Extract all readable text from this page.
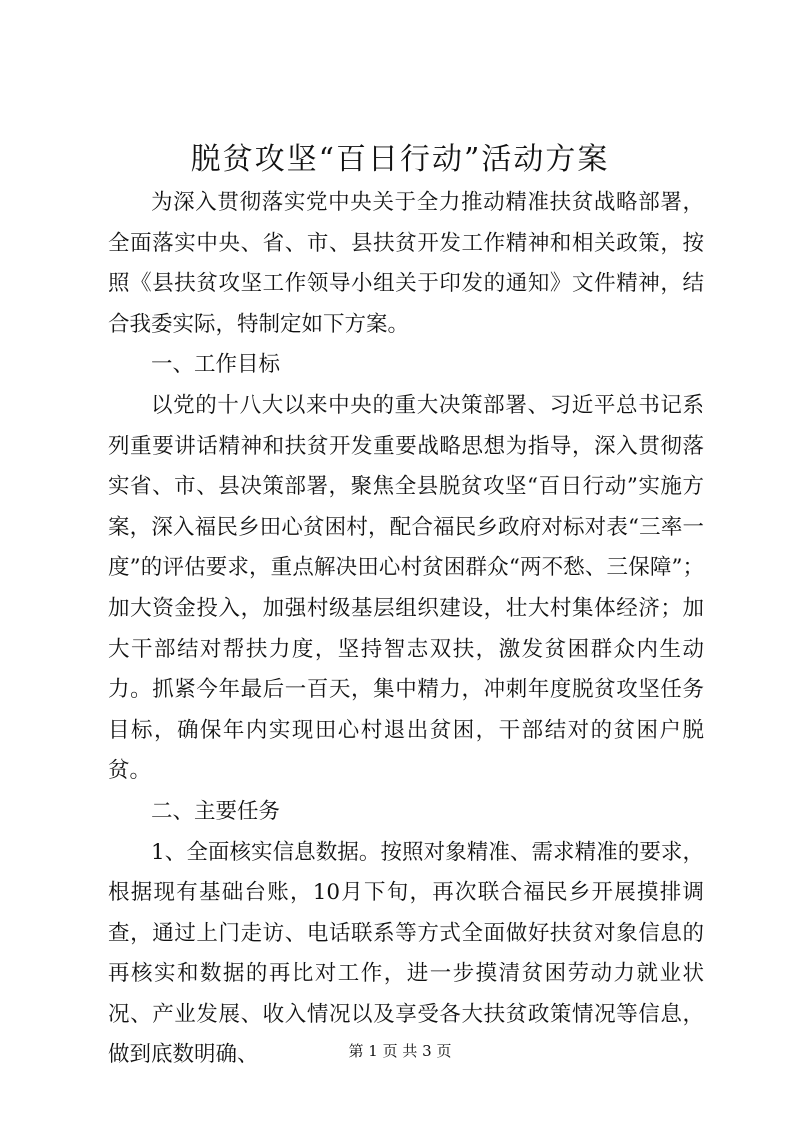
脱贫攻坚“百日行动”活动方案

为深入贯彻落实党中央关于全力推动精准扶贫战略部署，全面落实中央、省、市、县扶贫开发工作精神和相关政策，按照《县扶贫攻坚工作领导小组关于印发的通知》文件精神，结合我委实际，特制定如下方案。

一、工作目标

以党的十八大以来中央的重大决策部署、习近平总书记系列重要讲话精神和扶贫开发重要战略思想为指导，深入贯彻落实省、市、县决策部署，聚焦全县脱贫攻坚“百日行动”实施方案，深入福民乡田心贫困村，配合福民乡政府对标对表“三率一度”的评估要求，重点解决田心村贫困群众“两不愁、三保障”；加大资金投入，加强村级基层组织建设，壮大村集体经济；加大干部结对帮扶力度，坚持智志双扶，激发贫困群众内生动力。抓紧今年最后一百天，集中精力，冲刺年度脱贫攻坚任务目标，确保年内实现田心村退出贫困，干部结对的贫困户脱贫。

二、主要任务

1、全面核实信息数据。按照对象精准、需求精准的要求，根据现有基础台账，10月下旬，再次联合福民乡开展摸排调查，通过上门走访、电话联系等方式全面做好扶贫对象信息的再核实和数据的再比对工作，进一步摸清贫困劳动力就业状况、产业发展、收入情况以及享受各大扶贫政策情况等信息，做到底数明确、	第 1 页 共 3 页
